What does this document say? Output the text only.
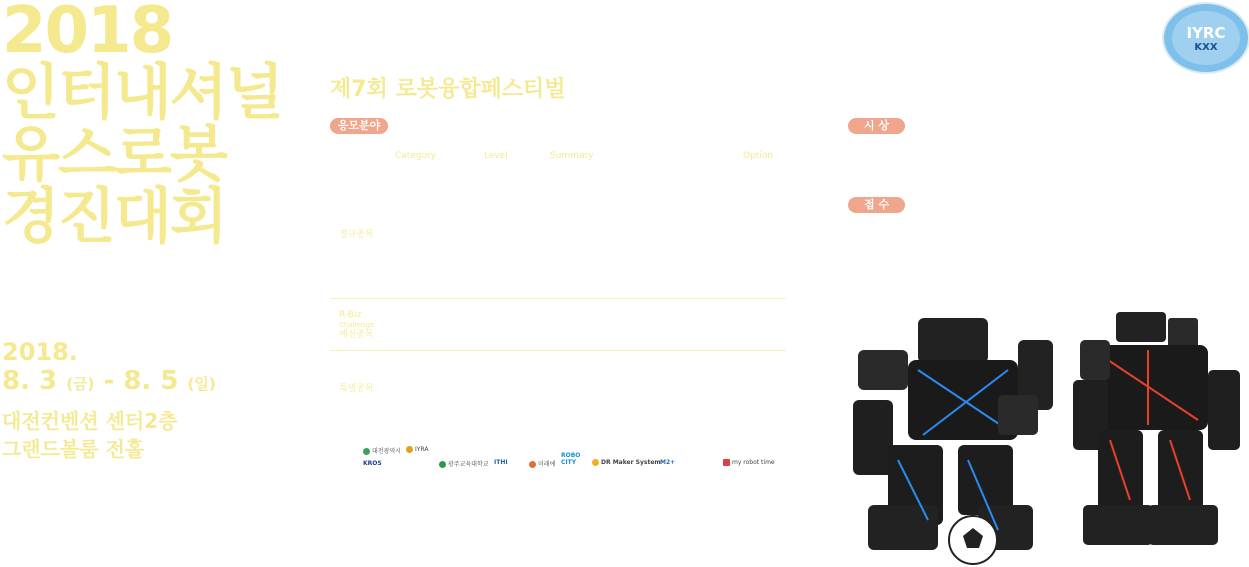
2018
인터내셔널
유스로봇
경진대회
2018.
8. 3 (금) - 8. 5 (일)
대전컨벤션 센터2층
그랜드볼룸 전홀
제7회 로봇융합페스티벌
응모분야	시 상
접 수
Category	Level	Summary	Option
정규종목
R-Biz
Challenge
예선종목
특별종목
대전광역시	IYRA
KROS	광주교육대학교 ITHI	미래에
ROBO CITY	DR Maker System M2+	my robot time
IYRC
KXX
